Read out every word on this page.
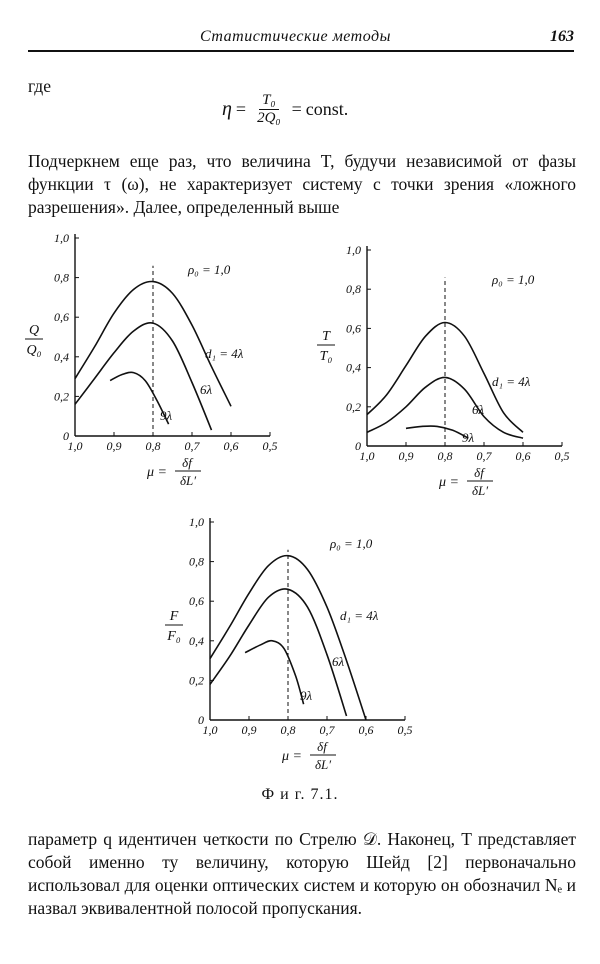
Статистические методы	163
где
$\eta = \frac{\text{T₀}}{\text{2Q₀}}$ = const.
Подчеркнем еще раз, что величина T, будучи независимой от фазы функции τ (ω), не характеризует систему с точки зрения «ложного разрешения». Далее, определенный выше
1,0 0,9 0,8 0,7 0,6 0,5
0
0,2
0,4
0,6
0,8
1,0
d₁ = 4λ
6λ
9λ
ρ₀ = 1,0
Q
Q₀
μ =
δf
δL′
1,0 0,9 0,8 0,7 0,6 0,5
0
0,2
0,4
0,6
0,8
1,0
d₁ = 4λ
6λ
9λ
ρ₀ = 1,0
T
T₀
μ =
δf
δL′
1,0 0,9 0,8 0,7 0,6 0,5
0
0,2
0,4
0,6
0,8
1,0
d₁ = 4λ
6λ
9λ
ρ₀ = 1,0
F
F₀
μ =
δf
δL′
Ф и г. 7.1.
параметр q идентичен четкости по Стрелю 𝒟. Наконец, T представляет собой именно ту величину, которую Шейд [2] первоначально использовал для оценки оптических систем и которую он обозначил Nₑ и назвал эквивалентной полосой пропускания.
